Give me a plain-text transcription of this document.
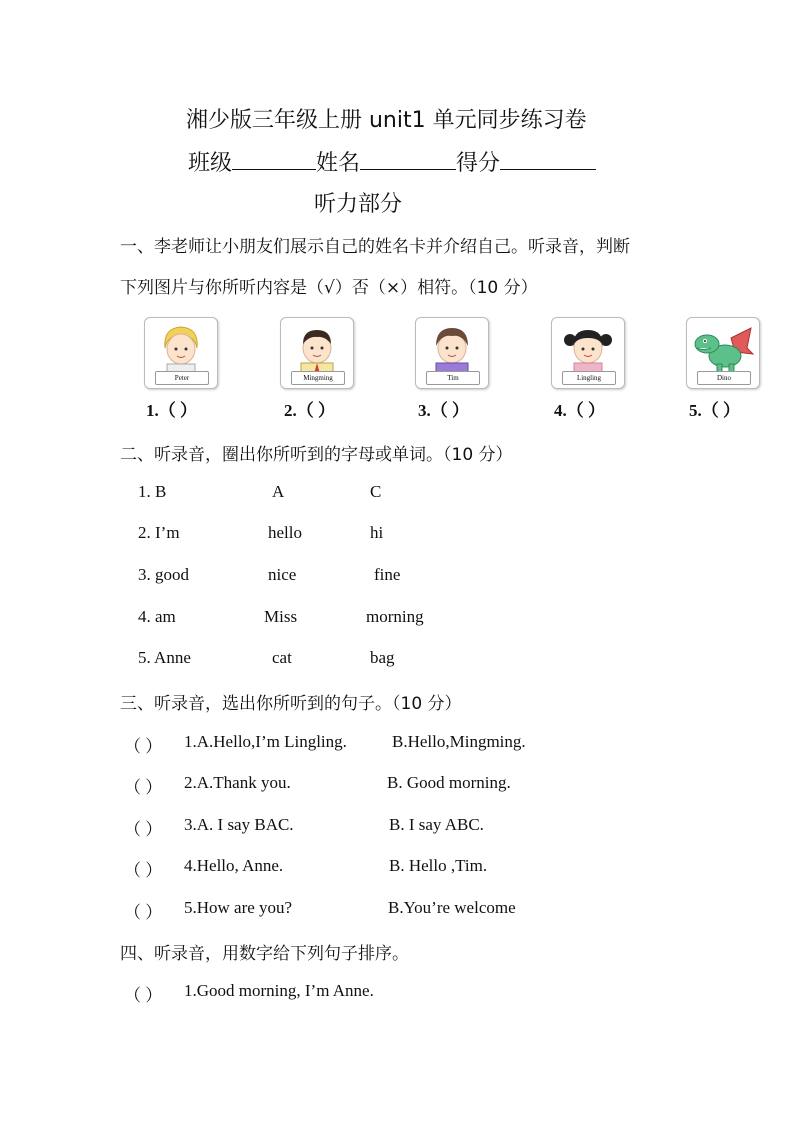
湘少版三年级上册 unit1 单元同步练习卷
班级	姓名	得分
听力部分
一、李老师让小朋友们展示自己的姓名卡并介绍自己。听录音，判断
下列图片与你所听内容是（√）否（×）相符。（10 分）
Peter	Mingming	Tim	Lingling	Dino
1.（ ）	2.（ ）	3.（ ）	4.（ ）	5.（ ）
二、听录音，圈出你所听到的字母或单词。（10 分）
1. B	A	C
2. I’m	hello	hi
3. good	nice	fine
4. am	Miss	morning
5. Anne	cat	bag
三、听录音，选出你所听到的句子。（10 分）
（ ） 1.A.Hello,I’m Lingling.	B.Hello,Mingming.
（ ） 2.A.Thank you.	B. Good morning.
（ ） 3.A. I say BAC.	B. I say ABC.
（ ） 4.Hello, Anne.	B. Hello ,Tim.
（ ） 5.How are you?	B.You’re welcome
四、听录音，用数字给下列句子排序。
（ ） 1.Good morning, I’m Anne.
